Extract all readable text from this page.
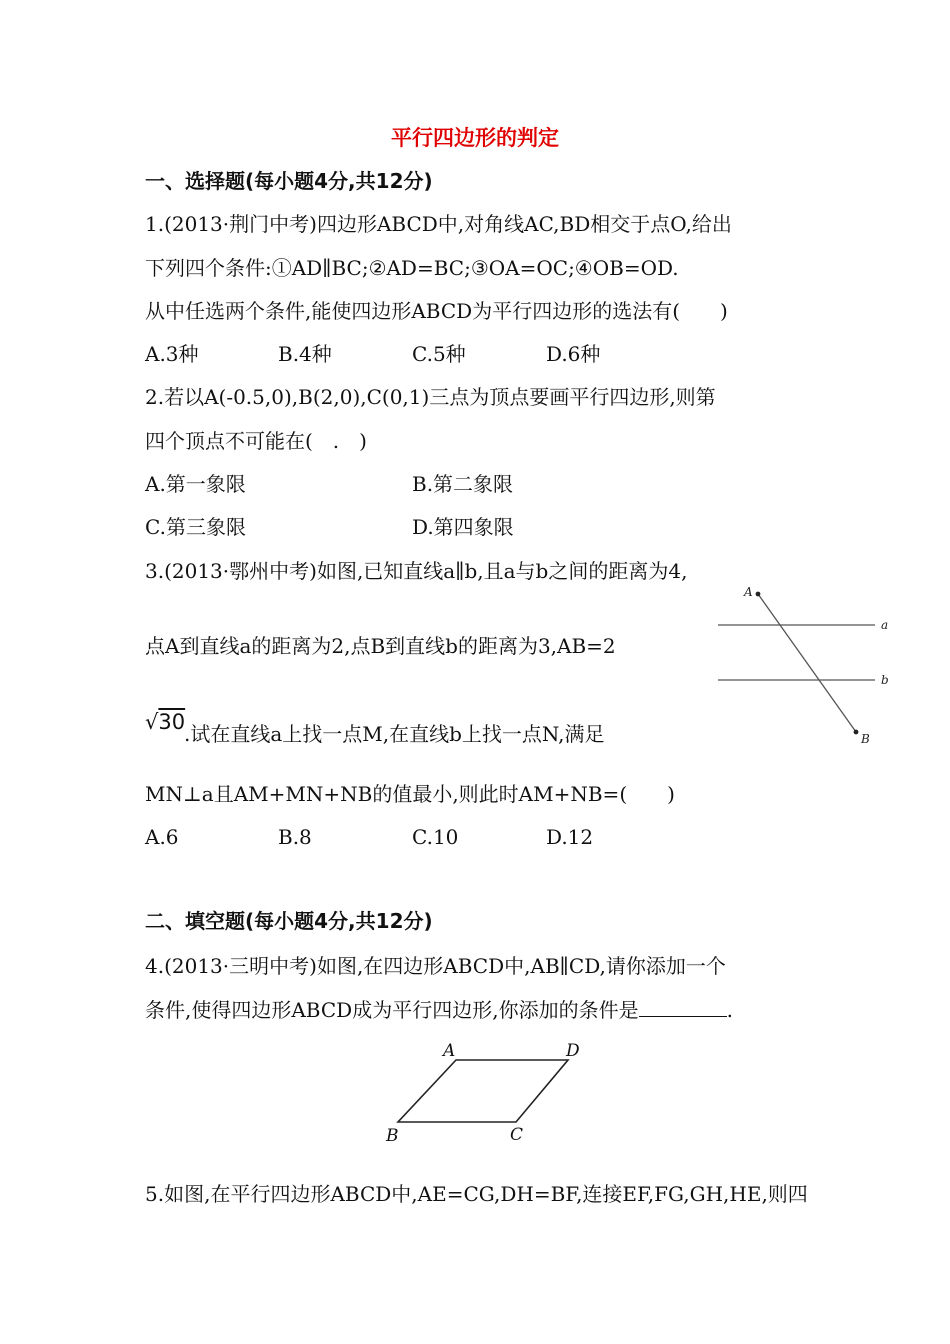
平行四边形的判定
一、选择题(每小题4分,共12分)
1.(2013·荆门中考)四边形ABCD中,对角线AC,BD相交于点O,给出
下列四个条件:①AD∥BC;②AD=BC;③OA=OC;④OB=OD.
从中任选两个条件,能使四边形ABCD为平行四边形的选法有(　　)
A.3种	B.4种	C.5种	D.6种
2.若以A(-0.5,0),B(2,0),C(0,1)三点为顶点要画平行四边形,则第
四个顶点不可能在(　.　)
A.第一象限	B.第二象限
C.第三象限	D.第四象限
3.(2013·鄂州中考)如图,已知直线a∥b,且a与b之间的距离为4,
点A到直线a的距离为2,点B到直线b的距离为3,AB=2
√30
.试在直线a上找一点M,在直线b上找一点N,满足
MN⊥a且AM+MN+NB的值最小,则此时AM+NB=(　　)
A.6	B.8	C.10	D.12
A
B
a
b
二、填空题(每小题4分,共12分)
4.(2013·三明中考)如图,在四边形ABCD中,AB∥CD,请你添加一个
条件,使得四边形ABCD成为平行四边形,你添加的条件是	.
A	D
B	C
5.如图,在平行四边形ABCD中,AE=CG,DH=BF,连接EF,FG,GH,HE,则四
